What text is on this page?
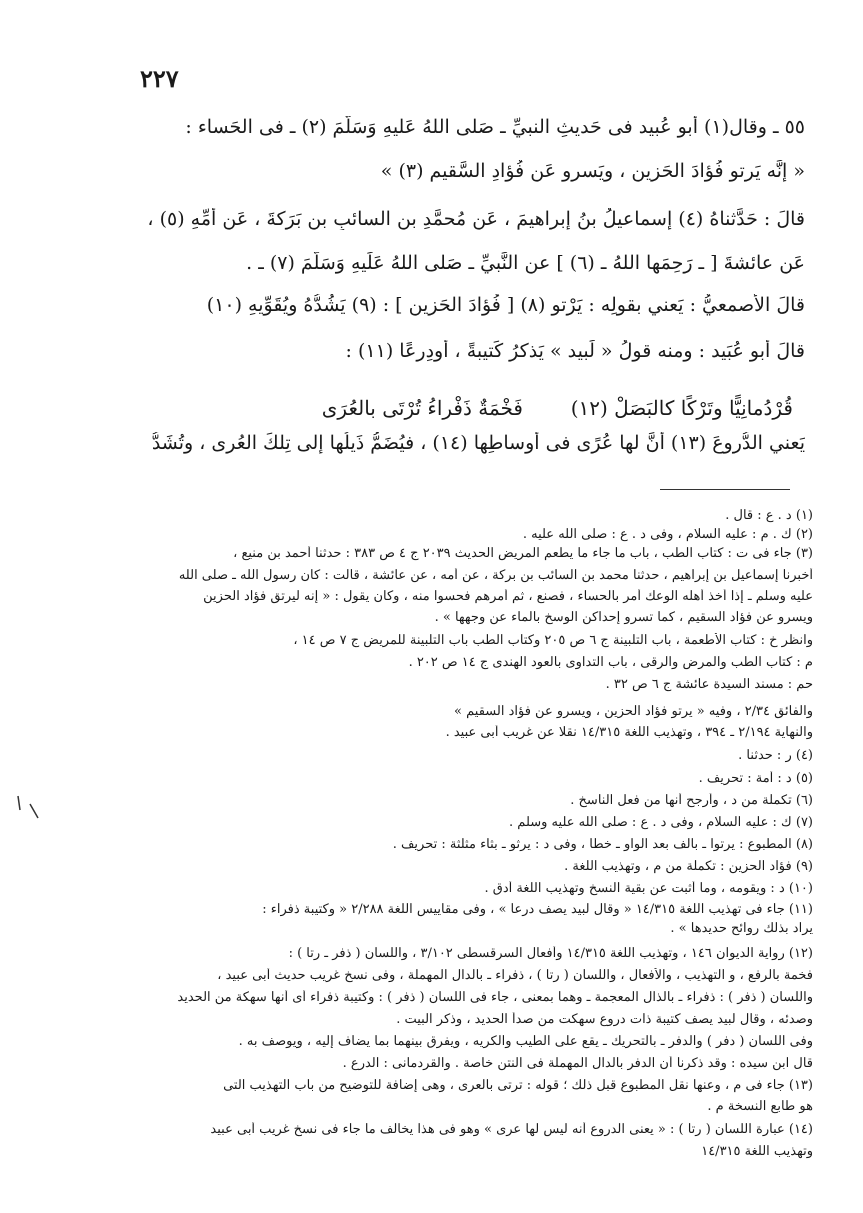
٢٢٧
٥٥ ـ وقال(١) أبو عُبيد فى حَديثِ النبيِّ ـ صَلى اللهُ عَليهِ وَسَلَّمَ (٢) ـ فى الحَساء :
« إنَّه يَرتو فُؤادَ الحَزينِ ، ويَسرو عَن فُؤادِ السَّقيمِ (٣) »
قالَ : حَدَّثناهُ (٤) إسماعيلُ بنُ إبراهيمَ ، عَن مُحمَّدِ بنِ السائبِ بنِ بَرَكةَ ، عَن أُمِّهِ (٥) ،
عَن عائشةَ [ ـ رَحِمَها اللهُ ـ (٦) ] عن النَّبيِّ ـ صَلى اللهُ عَلَيهِ وَسَلَّمَ (٧) ـ .
قالَ الأَصمعيُّ : يَعني بقولِه : يَرْتو (٨) [ فُؤادَ الحَزينِ ] : (٩) يَشُدُّهُ ويُقَوِّيهِ (١٠)
قالَ أبو عُبَيد : ومنه قولُ « لَبيد » يَذكرُ كَتيبةً ، أَودِرعًا (١١) :
فَخْمَةٌ ذَفْراءُ تُرْتَى بالعُرَى قُرْدُمانِيًّا وتَرْكًا كالبَصَلْ (١٢)
يَعني الدُّروعَ (١٣) أنَّ لها عُرًى فى أَوساطِها (١٤) ، فيُضَمُّ ذَيلُها إلى تِلكَ العُرى ، وتُشَدُّ
(١) د . ع : قال .
(٢) ك . م : عليه السلام ، وفى د . ع : صلى الله عليه .
(٣) جاء فى ت : كتاب الطب ، باب ما جاء ما يطعم المريض الحديث ٢٠٣٩ ج ٤ ص ٣٨٣ : حدثنا أحمد بن منيع ،
أخبرنا إسماعيل بن إبراهيم ، حدثنا محمد بن السائب بن بركة ، عن أمه ، عن عائشة ، قالت : كان رسول الله ـ صلى الله
عليه وسلم ـ إذا أخذ أهله الوعك أمر بالحساء ، فصنع ، ثم أمرهم فحسوا منه ، وكان يقول : « إنه ليرتق فؤاد الحزين
ويسرو عن فؤاد السقيم ، كما تسرو إحداكن الوسخ بالماء عن وجهها » .
وانظر خ : كتاب الأطعمة ، باب التلبينة ج ٦ ص ٢٠٥ وكتاب الطب باب التلبينة للمريض ج ٧ ص ١٤ ،
م : كتاب الطب والمرض والرقى ، باب التداوى بالعود الهندى ج ١٤ ص ٢٠٢ .
حم : مسند السيدة عائشة ج ٦ ص ٣٢ .
والفائق ٢/٣٤ ، وفيه « يرتو فؤاد الحزين ، ويسرو عن فؤاد السقيم »
والنهاية ٢/١٩٤ ـ ٣٩٤ ، وتهذيب اللغة ١٤/٣١٥ نقلا عن غريب أبى عبيد .
(٤) ر : حدثنا .
(٥) د : أمة : تحريف .
(٦) تكملة من د ، وأرجح أنها من فعل الناسخ .
(٧) ك : عليه السلام ، وفى د . ع : صلى الله عليه وسلم .
(٨) المطبوع : يرتوا ـ بألف بعد الواو ـ خطأ ، وفى د : يرثو ـ بثاء مثلثة : تحريف .
(٩) فؤاد الحزين : تكملة من م ، وتهذيب اللغة .
(١٠) د : ويقومه ، وما أثبت عن بقية النسخ وتهذيب اللغة أدق .
(١١) جاء فى تهذيب اللغة ١٤/٣١٥ « وقال لبيد يصف درعا » ، وفى مقاييس اللغة ٢/٢٨٨ « وكتيبة ذفراء :
يراد بذلك روائح حديدها » .
(١٢) رواية الديوان ١٤٦ ، وتهذيب اللغة ١٤/٣١٥ وأفعال السرقسطى ٣/١٠٢ ، واللسان ( ذفر ـ رتا ) :
فخمة بالرفع ، و التهذيب ، والأفعال ، واللسان ( رتا ) ، ذفراء ـ بالدال المهملة ، وفى نسخ غريب حديث أبى عبيد ،
واللسان ( ذفر ) : ذفراء ـ بالذال المعجمة ـ وهما بمعنى ، جاء فى اللسان ( ذفر ) : وكتيبة ذفراء أى أنها سهكة من الحديد
وصدئه ، وقال لبيد يصف كتيبة ذات دروع سهكت من صدأ الحديد ، وذكر البيت .
وفى اللسان ( دفر ) والدفر ـ بالتحريك ـ يقع على الطيب والكريه ، ويفرق بينهما بما يضاف إليه ، ويوصف به .
قال ابن سيده : وقد ذكرنا أن الدفر بالدال المهملة فى النتن خاصة . والقردمانى : الدرع .
(١٣) جاء فى م ، وعنها نقل المطبوع قبل ذلك ؛ قوله : ترتى بالعرى ، وهى إضافة للتوضيح من باب التهذيب التى
هو طابع النسخة م .
(١٤) عبارة اللسان ( رتا ) : « يعنى الدروع أنه ليس لها عرى » وهو فى هذا يخالف ما جاء فى نسخ غريب أبى عبيد
وتهذيب اللغة ١٤/٣١٥
